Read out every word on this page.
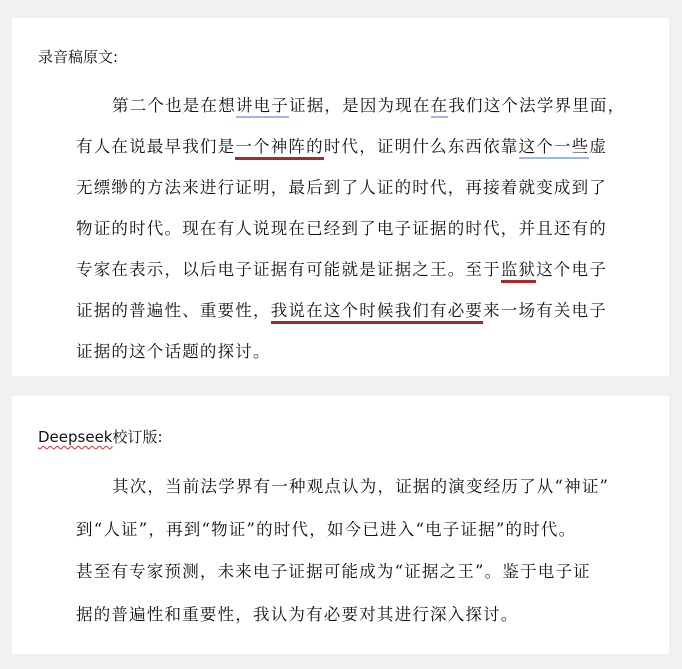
录音稿原文:
第二个也是在想讲电子证据，是因为现在在我们这个法学界里面，
有人在说最早我们是一个神阵的时代，证明什么东西依靠这个一些虚
无缥缈的方法来进行证明，最后到了人证的时代，再接着就变成到了
物证的时代。现在有人说现在已经到了电子证据的时代，并且还有的
专家在表示，以后电子证据有可能就是证据之王。至于监狱这个电子
证据的普遍性、重要性，我说在这个时候我们有必要来一场有关电子
证据的这个话题的探讨。
Deepseek校订版:
其次，当前法学界有一种观点认为，证据的演变经历了从“神证”
到“人证”，再到“物证”的时代，如今已进入“电子证据”的时代。
甚至有专家预测，未来电子证据可能成为“证据之王”。鉴于电子证
据的普遍性和重要性，我认为有必要对其进行深入探讨。
